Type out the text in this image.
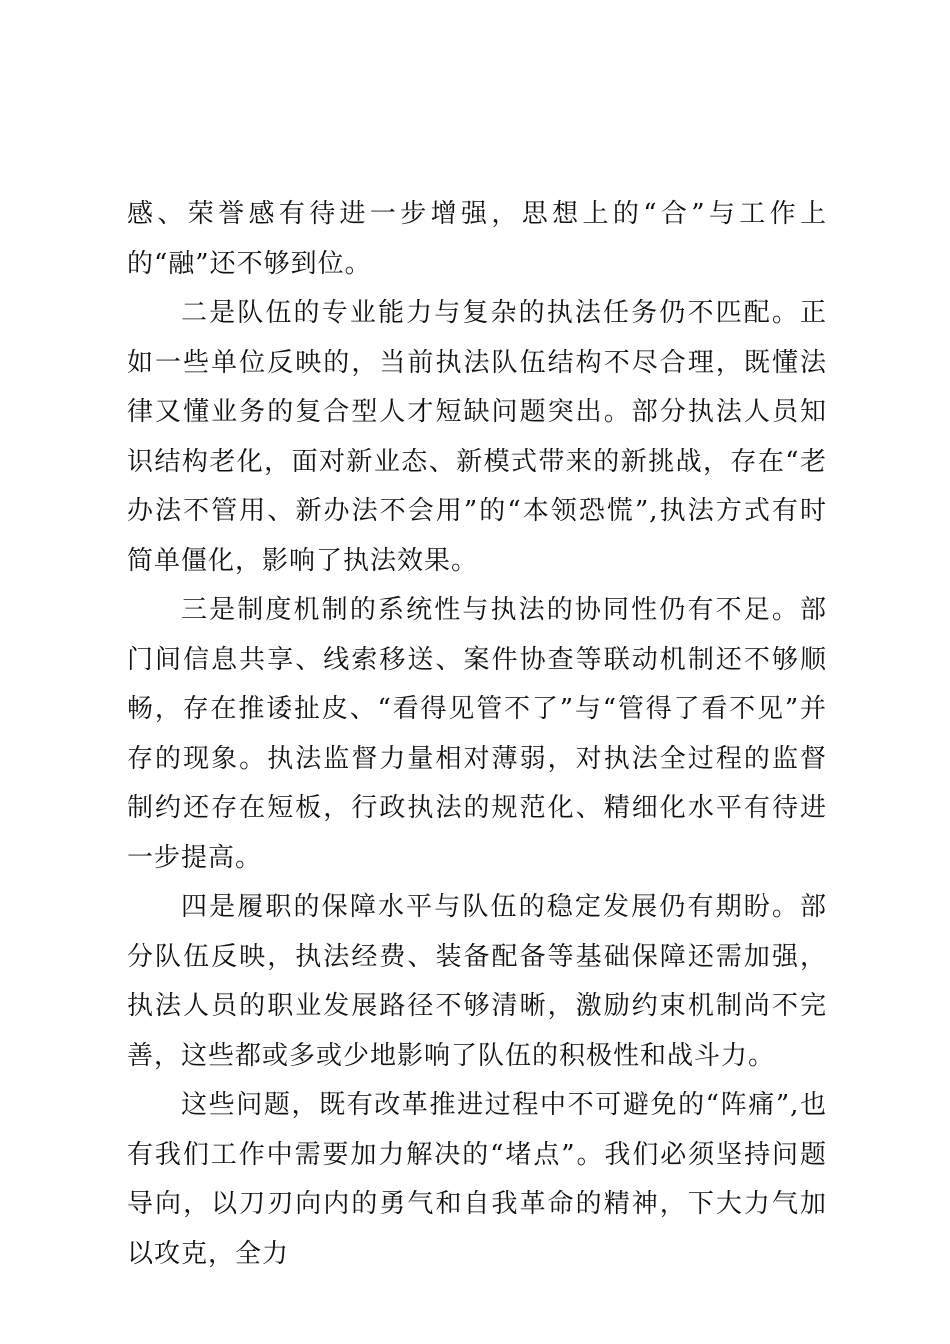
感、荣誉感有待进一步增强，思想上的“合”与工作上的“融”还不够到位。

二是队伍的专业能力与复杂的执法任务仍不匹配。正如一些单位反映的，当前执法队伍结构不尽合理，既懂法律又懂业务的复合型人才短缺问题突出。部分执法人员知识结构老化，面对新业态、新模式带来的新挑战，存在“老办法不管用、新办法不会用”的“本领恐慌”,执法方式有时简单僵化，影响了执法效果。

三是制度机制的系统性与执法的协同性仍有不足。部门间信息共享、线索移送、案件协查等联动机制还不够顺畅，存在推诿扯皮、“看得见管不了”与“管得了看不见”并存的现象。执法监督力量相对薄弱，对执法全过程的监督制约还存在短板，行政执法的规范化、精细化水平有待进一步提高。

四是履职的保障水平与队伍的稳定发展仍有期盼。部分队伍反映，执法经费、装备配备等基础保障还需加强，执法人员的职业发展路径不够清晰，激励约束机制尚不完善，这些都或多或少地影响了队伍的积极性和战斗力。

这些问题，既有改革推进过程中不可避免的“阵痛”,也有我们工作中需要加力解决的“堵点”。我们必须坚持问题导向，以刀刃向内的勇气和自我革命的精神，下大力气加以攻克，全力
